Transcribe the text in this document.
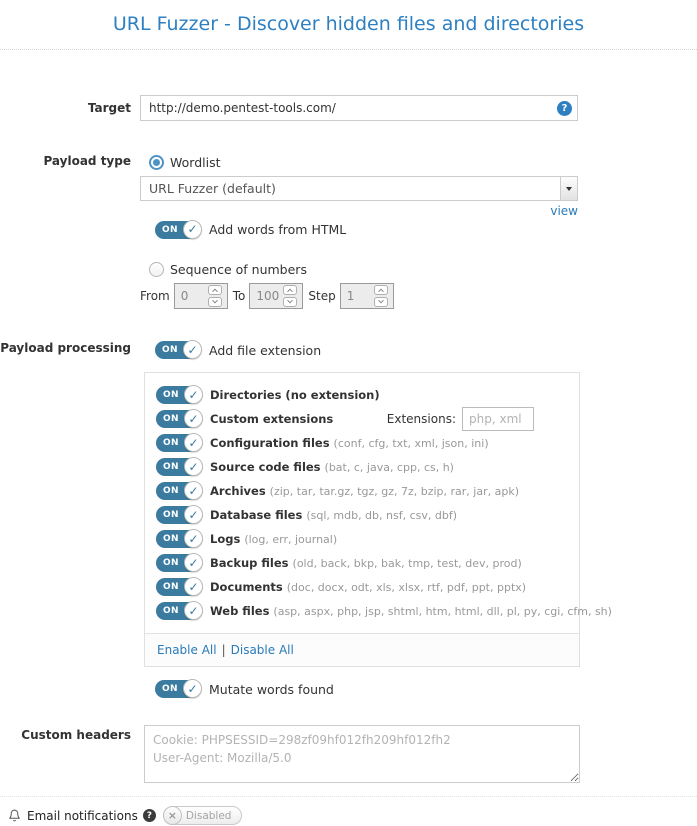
URL Fuzzer - Discover hidden files and directories
Target
http://demo.pentest-tools.com/	?
Payload type	Wordlist
URL Fuzzer (default)
view
ON ✓ Add words from HTML
Sequence of numbers
From
0	To
100	Step
1
Payload processing	ON ✓ Add file extension
ON ✓ Directories (no extension)
ON ✓ Custom extensions	Extensions:
php, xml
ON ✓ Configuration files (conf, cfg, txt, xml, json, ini)
ON ✓ Source code files (bat, c, java, cpp, cs, h)
ON ✓ Archives (zip, tar, tar.gz, tgz, gz, 7z, bzip, rar, jar, apk)
ON ✓ Database files (sql, mdb, db, nsf, csv, dbf)
ON ✓ Logs (log, err, journal)
ON ✓ Backup files (old, back, bkp, bak, tmp, test, dev, prod)
ON ✓ Documents (doc, docx, odt, xls, xlsx, rtf, pdf, ppt, pptx)
ON ✓ Web files (asp, aspx, php, jsp, shtml, htm, html, dll, pl, py, cgi, cfm, sh)
Enable All | Disable All
ON ✓ Mutate words found
Custom headers
Cookie: PHPSESSID=298zf09hf012fh209hf012fh2 User-Agent: Mozilla/5.0
Email notifications ?	× Disabled
